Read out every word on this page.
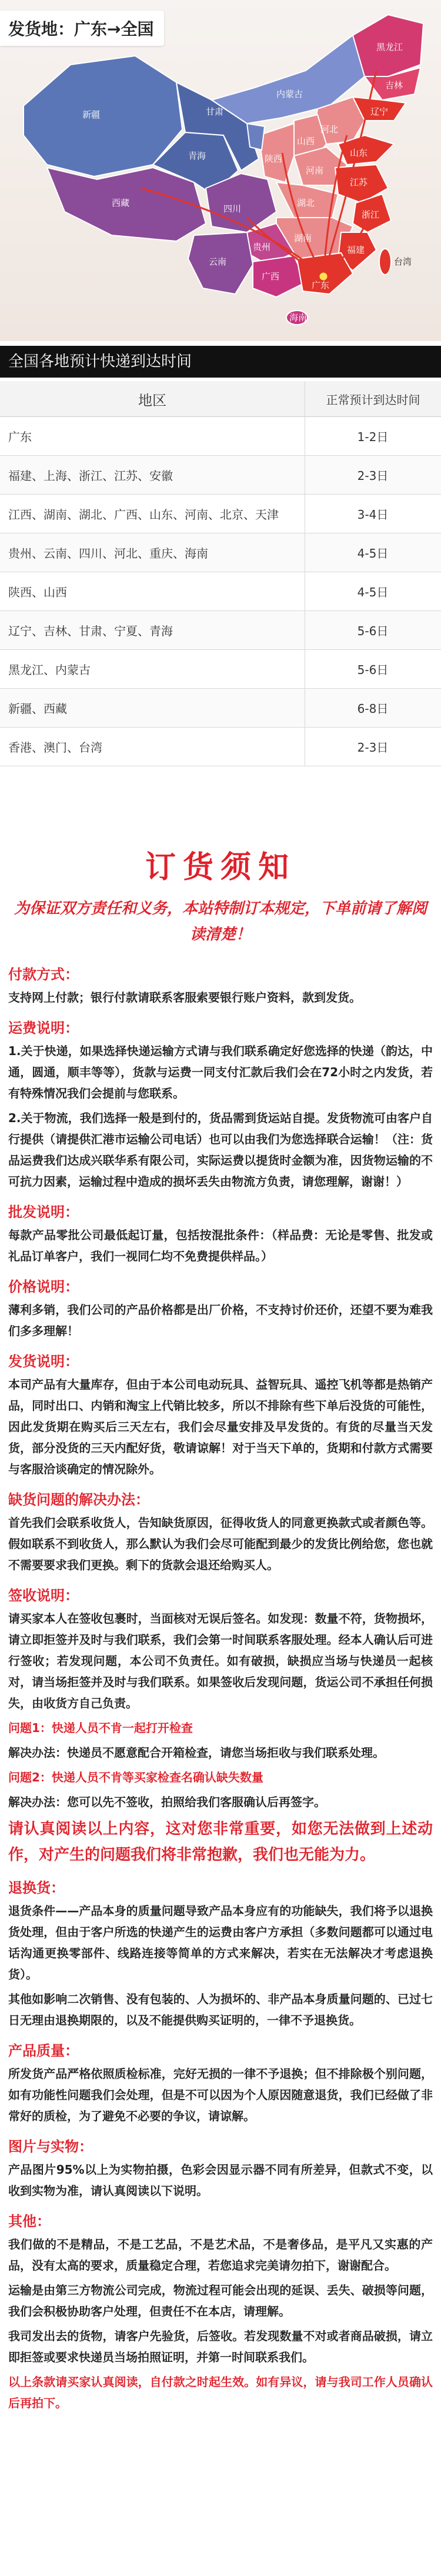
新疆
西藏
青海
甘肃
内蒙古
黑龙江
吉林
辽宁
河北
山西
陕西
山东
河南
江苏
四川
湖北
浙江
湖南
福建
贵州
云南
广西
广东
海南
台湾
发货地：广东→全国
全国各地预计快递到达时间
地区	正常预计到达时间
广东	1-2日
福建、上海、浙江、江苏、安徽	2-3日
江西、湖南、湖北、广西、山东、河南、北京、天津	3-4日
贵州、云南、四川、河北、重庆、海南	4-5日
陕西、山西	4-5日
辽宁、吉林、甘肃、宁夏、青海	5-6日
黑龙江、内蒙古	5-6日
新疆、西藏	6-8日
香港、澳门、台湾	2-3日
订货须知
为保证双方责任和义务，本站特制订本规定，下单前请了解阅读清楚！
付款方式：
支持网上付款；银行付款请联系客服索要银行账户资料，款到发货。
运费说明：
1.关于快递，如果选择快递运输方式请与我们联系确定好您选择的快递（韵达，中通，圆通，顺丰等等），货款与运费一同支付汇款后我们会在72小时之内发货，若有特殊情况我们会提前与您联系。
2.关于物流，我们选择一般是到付的，货品需到货运站自提。发货物流可由客户自行提供（请提供汇港市运输公司电话）也可以由我们为您选择联合运输！（注：货品运费我们达成兴联华系有限公司，实际运费以提货时金额为准，因货物运输的不可抗力因素，运输过程中造成的损坏丢失由物流方负责，请您理解，谢谢！）
批发说明：
每款产品零批公司最低起订量，包括按混批条件：（样品费：无论是零售、批发或礼品订单客户，我们一视同仁均不免费提供样品。）
价格说明：
薄利多销，我们公司的产品价格都是出厂价格，不支持讨价还价，还望不要为难我们多多理解！
发货说明：
本司产品有大量库存，但由于本公司电动玩具、益智玩具、遥控飞机等都是热销产品，同时出口、内销和淘宝上代销比较多，所以不排除有些下单后没货的可能性，因此发货期在购买后三天左右，我们会尽量安排及早发货的。有货的尽量当天发货，部分没货的三天内配好货，敬请谅解！对于当天下单的，货期和付款方式需要与客服洽谈确定的情况除外。
缺货问题的解决办法：
首先我们会联系收货人，告知缺货原因，征得收货人的同意更换款式或者颜色等。假如联系不到收货人，那么默认为我们会尽可能配到最少的发货比例给您，您也就不需要要求我们更换。剩下的货款会退还给购买人。
签收说明：
请买家本人在签收包裹时，当面核对无误后签名。如发现：数量不符，货物损坏，请立即拒签并及时与我们联系，我们会第一时间联系客服处理。经本人确认后可进行签收；若发现问题，本公司不负责任。如有破损，缺损应当场与快递员一起核对，请当场拒签并及时与我们联系。如果签收后发现问题，货运公司不承担任何损失，由收货方自己负责。
问题1：快递人员不肯一起打开检查
解决办法：快递员不愿意配合开箱检查，请您当场拒收与我们联系处理。
问题2：快递人员不肯等买家检查名确认缺失数量
解决办法：您可以先不签收，拍照给我们客服确认后再签字。
请认真阅读以上内容，这对您非常重要，如您无法做到上述动作，对产生的问题我们将非常抱歉，我们也无能为力。
退换货：
退货条件——产品本身的质量问题导致产品本身应有的功能缺失，我们将予以退换货处理，但由于客户所选的快递产生的运费由客户方承担（多数问题都可以通过电话沟通更换零部件、线路连接等简单的方式来解决，若实在无法解决才考虑退换货）。
其他如影响二次销售、没有包装的、人为损坏的、非产品本身质量问题的、已过七日无理由退换期限的，以及不能提供购买证明的，一律不予退换货。
产品质量：
所发货产品严格依照质检标准，完好无损的一律不予退换；但不排除极个别问题，如有功能性问题我们会处理，但是不可以因为个人原因随意退货，我们已经做了非常好的质检，为了避免不必要的争议，请谅解。
图片与实物：
产品图片95%以上为实物拍摄，色彩会因显示器不同有所差异，但款式不变，以收到实物为准，请认真阅读以下说明。
其他：
我们做的不是精品，不是工艺品，不是艺术品，不是奢侈品，是平凡又实惠的产品，没有太高的要求，质量稳定合理，若您追求完美请勿拍下，谢谢配合。
运输是由第三方物流公司完成，物流过程可能会出现的延误、丢失、破损等问题，我们会积极协助客户处理，但责任不在本店，请理解。
我司发出去的货物，请客户先验货，后签收。若发现数量不对或者商品破损，请立即拒签或要求快递员当场拍照证明，并第一时间联系我们。
以上条款请买家认真阅读，自付款之时起生效。如有异议，请与我司工作人员确认后再拍下。
